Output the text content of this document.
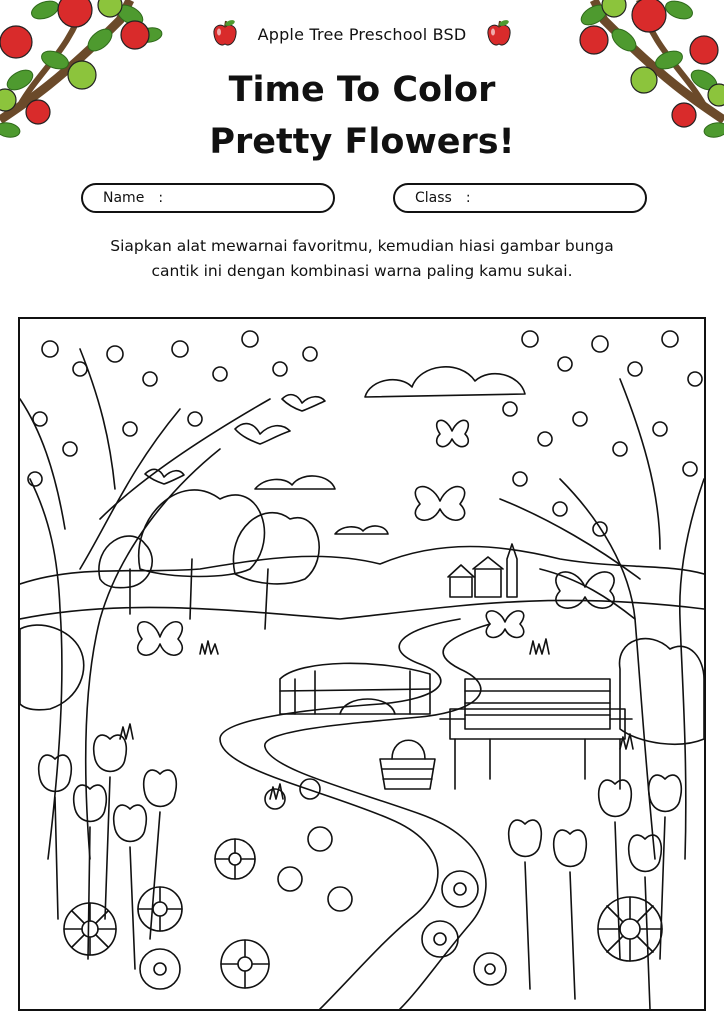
Apple Tree Preschool BSD
Time To Color
Pretty Flowers!
Name :	Class :

Siapkan alat mewarnai favoritmu, kemudian hiasi gambar bunga
cantik ini dengan kombinasi warna paling kamu sukai.
